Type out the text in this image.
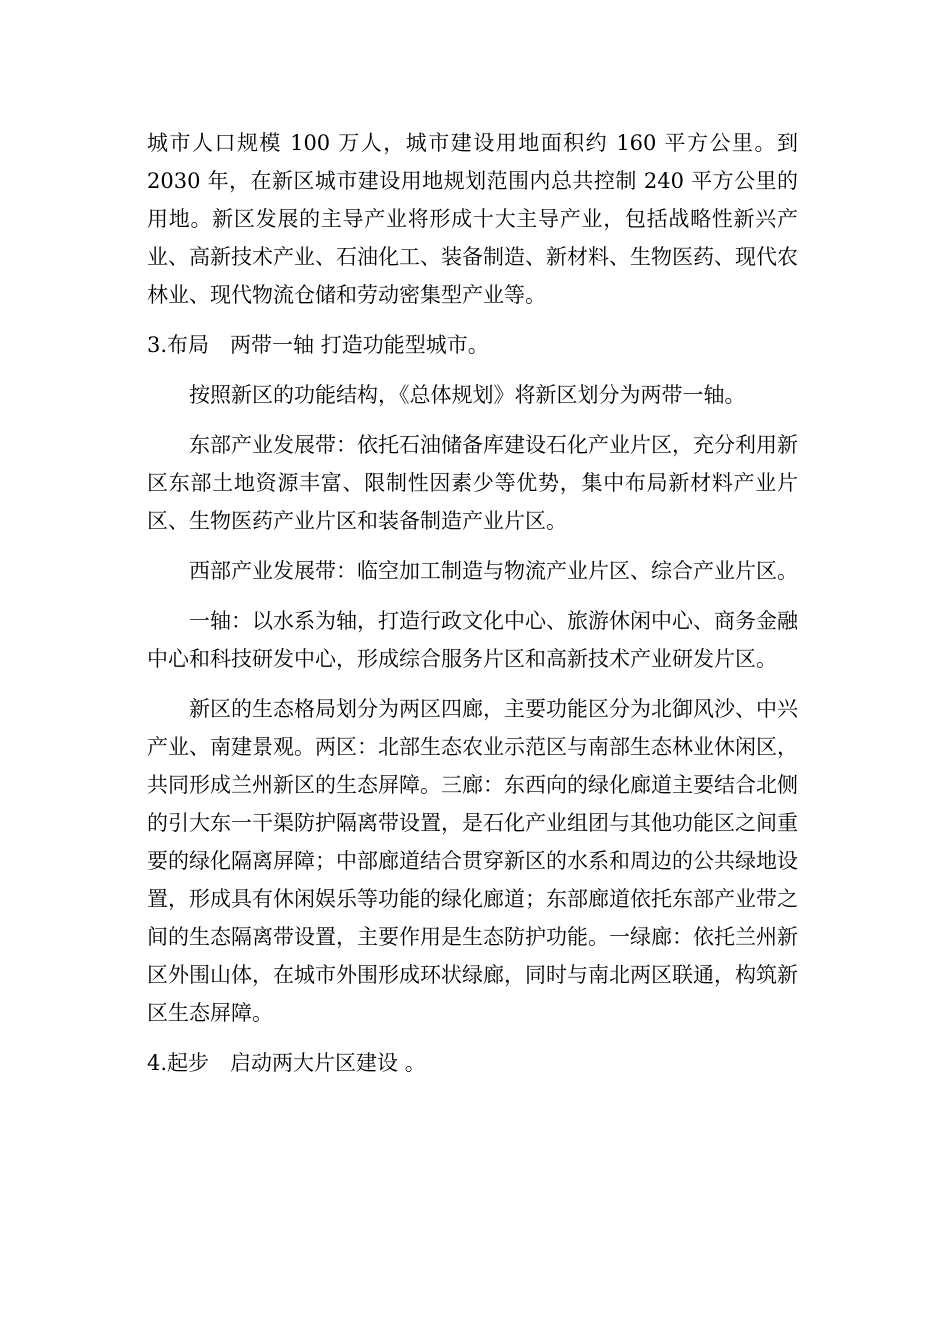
城市人口规模 100 万人，城市建设用地面积约 160 平方公里。到 2030 年，在新区城市建设用地规划范围内总共控制 240 平方公里的用地。新区发展的主导产业将形成十大主导产业，包括战略性新兴产业、高新技术产业、石油化工、装备制造、新材料、生物医药、现代农林业、现代物流仓储和劳动密集型产业等。

3.布局　两带一轴 打造功能型城市。

按照新区的功能结构，《总体规划》将新区划分为两带一轴。

东部产业发展带：依托石油储备库建设石化产业片区，充分利用新区东部土地资源丰富、限制性因素少等优势，集中布局新材料产业片区、生物医药产业片区和装备制造产业片区。

西部产业发展带：临空加工制造与物流产业片区、综合产业片区。

一轴：以水系为轴，打造行政文化中心、旅游休闲中心、商务金融中心和科技研发中心，形成综合服务片区和高新技术产业研发片区。

新区的生态格局划分为两区四廊，主要功能区分为北御风沙、中兴产业、南建景观。两区：北部生态农业示范区与南部生态林业休闲区，共同形成兰州新区的生态屏障。三廊：东西向的绿化廊道主要结合北侧的引大东一干渠防护隔离带设置，是石化产业组团与其他功能区之间重要的绿化隔离屏障；中部廊道结合贯穿新区的水系和周边的公共绿地设置，形成具有休闲娱乐等功能的绿化廊道；东部廊道依托东部产业带之间的生态隔离带设置，主要作用是生态防护功能。一绿廊：依托兰州新区外围山体，在城市外围形成环状绿廊，同时与南北两区联通，构筑新区生态屏障。

4.起步　启动两大片区建设 。
